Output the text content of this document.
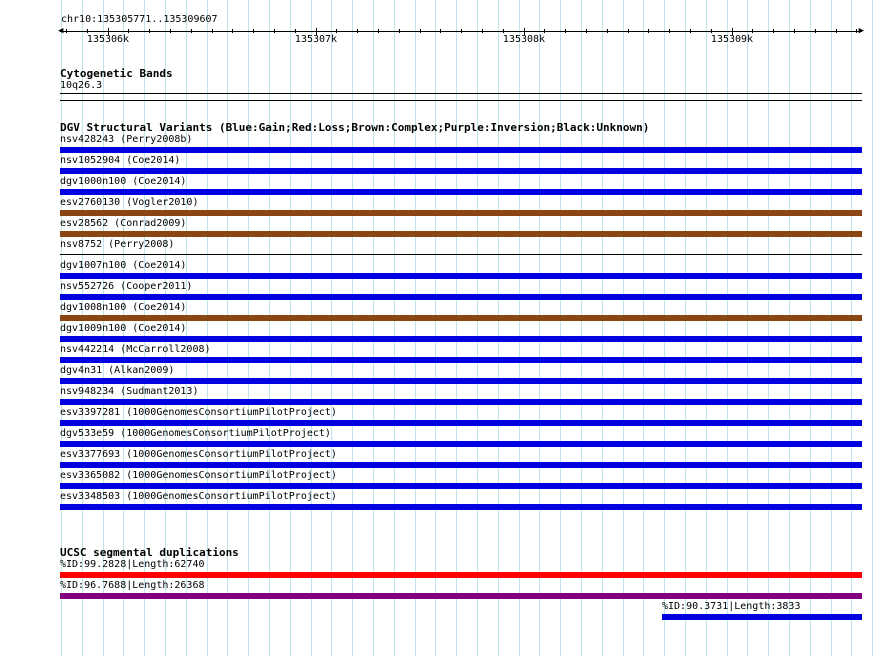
chr10:135305771..135309607
◀	▶
135306k	135307k	135308k	135309k
Cytogenetic Bands
10q26.3
DGV Structural Variants (Blue:Gain;Red:Loss;Brown:Complex;Purple:Inversion;Black:Unknown)
nsv428243 (Perry2008b)
nsv1052904 (Coe2014)
dgv1000n100 (Coe2014)
esv2760130 (Vogler2010)
esv28562 (Conrad2009)
nsv8752 (Perry2008)
dgv1007n100 (Coe2014)
nsv552726 (Cooper2011)
dgv1008n100 (Coe2014)
dgv1009n100 (Coe2014)
nsv442214 (McCarroll2008)
dgv4n31 (Alkan2009)
nsv948234 (Sudmant2013)
esv3397281 (1000GenomesConsortiumPilotProject)
dgv533e59 (1000GenomesConsortiumPilotProject)
esv3377693 (1000GenomesConsortiumPilotProject)
esv3365082 (1000GenomesConsortiumPilotProject)
esv3348503 (1000GenomesConsortiumPilotProject)
UCSC segmental duplications
%ID:99.2828|Length:62740
%ID:96.7688|Length:26368
%ID:90.3731|Length:3833
